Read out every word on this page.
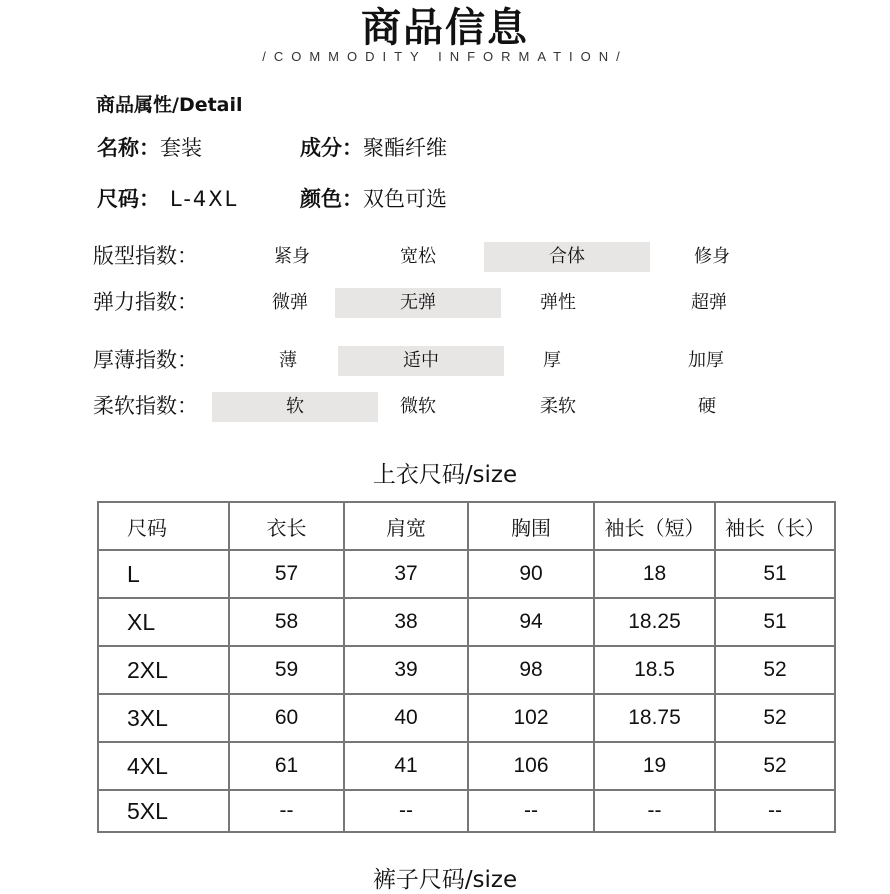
商品信息
/COMMODITY INFORMATION/
商品属性/Detail
名称：套装	成分：聚酯纤维
尺码： L-4XL	颜色：双色可选
版型指数：	紧身	宽松	合体	修身
弹力指数：	微弹	无弹	弹性	超弹
厚薄指数：	薄	适中	厚	加厚
柔软指数：	软	微软	柔软	硬
上衣尺码/size
尺码	衣长	肩宽	胸围	袖长（短）	袖长（长）
L	57	37	90	18	51
XL	58	38	94	18.25	51
2XL	59	39	98	18.5	52
3XL	60	40	102	18.75	52
4XL	61	41	106	19	52
5XL	--	--	--	--	--
裤子尺码/size
